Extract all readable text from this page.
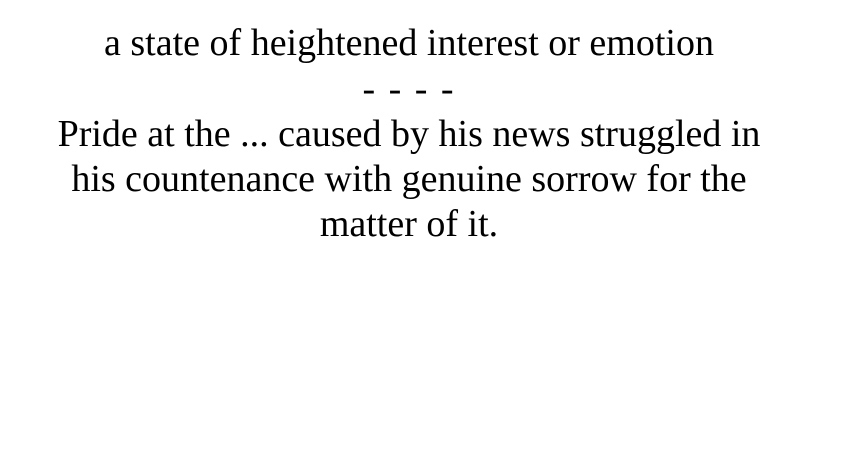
a state of heightened interest or emotion

- - - -

Pride at the ... caused by his news struggled in his countenance with genuine sorrow for the matter of it.
